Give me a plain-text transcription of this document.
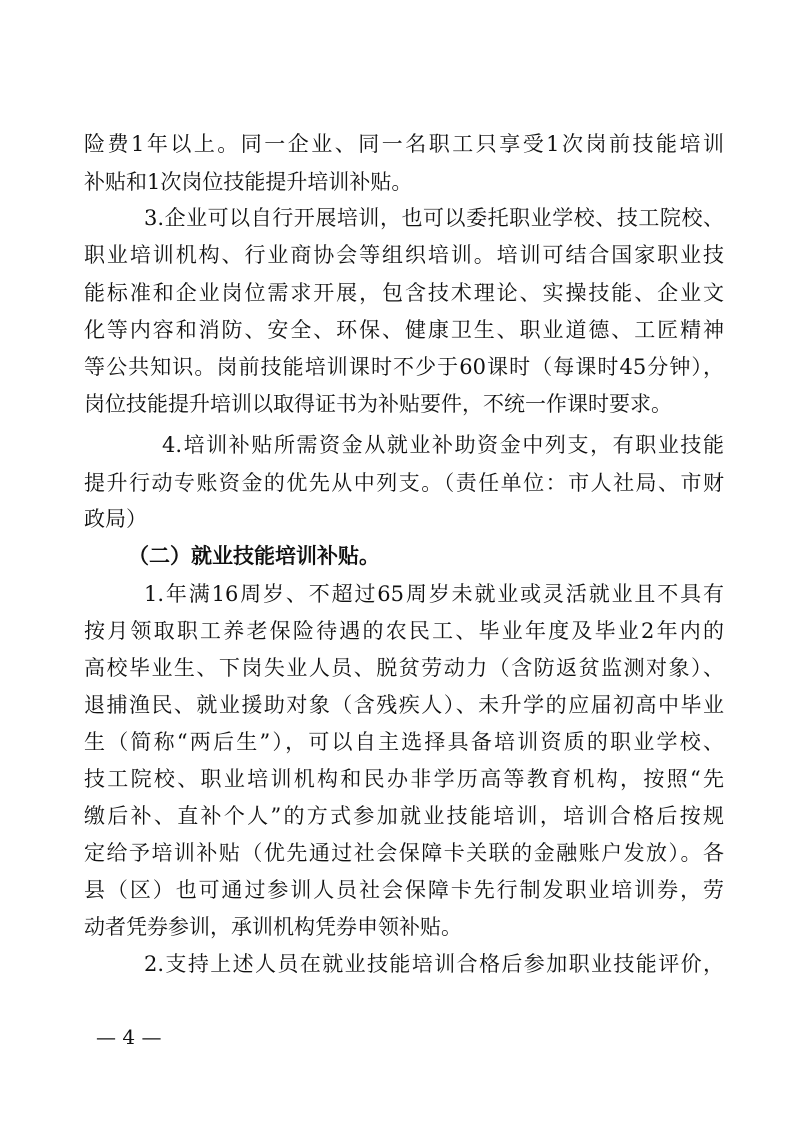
险费1年以上。同一企业、同一名职工只享受1次岗前技能培训
补贴和1次岗位技能提升培训补贴。
3.企业可以自行开展培训，也可以委托职业学校、技工院校、
职业培训机构、行业商协会等组织培训。培训可结合国家职业技
能标准和企业岗位需求开展，包含技术理论、实操技能、企业文
化等内容和消防、安全、环保、健康卫生、职业道德、工匠精神
等公共知识。岗前技能培训课时不少于60课时（每课时45分钟），
岗位技能提升培训以取得证书为补贴要件，不统一作课时要求。
4.培训补贴所需资金从就业补助资金中列支，有职业技能
提升行动专账资金的优先从中列支。（责任单位：市人社局、市财
政局）
（二）就业技能培训补贴。
1.年满16周岁、不超过65周岁未就业或灵活就业且不具有
按月领取职工养老保险待遇的农民工、毕业年度及毕业2年内的
高校毕业生、下岗失业人员、脱贫劳动力（含防返贫监测对象）、
退捕渔民、就业援助对象（含残疾人）、未升学的应届初高中毕业
生（简称“两后生”），可以自主选择具备培训资质的职业学校、
技工院校、职业培训机构和民办非学历高等教育机构，按照“先
缴后补、直补个人”的方式参加就业技能培训，培训合格后按规
定给予培训补贴（优先通过社会保障卡关联的金融账户发放）。各
县（区）也可通过参训人员社会保障卡先行制发职业培训券，劳
动者凭券参训，承训机构凭券申领补贴。
2.支持上述人员在就业技能培训合格后参加职业技能评价，
— 4 —
